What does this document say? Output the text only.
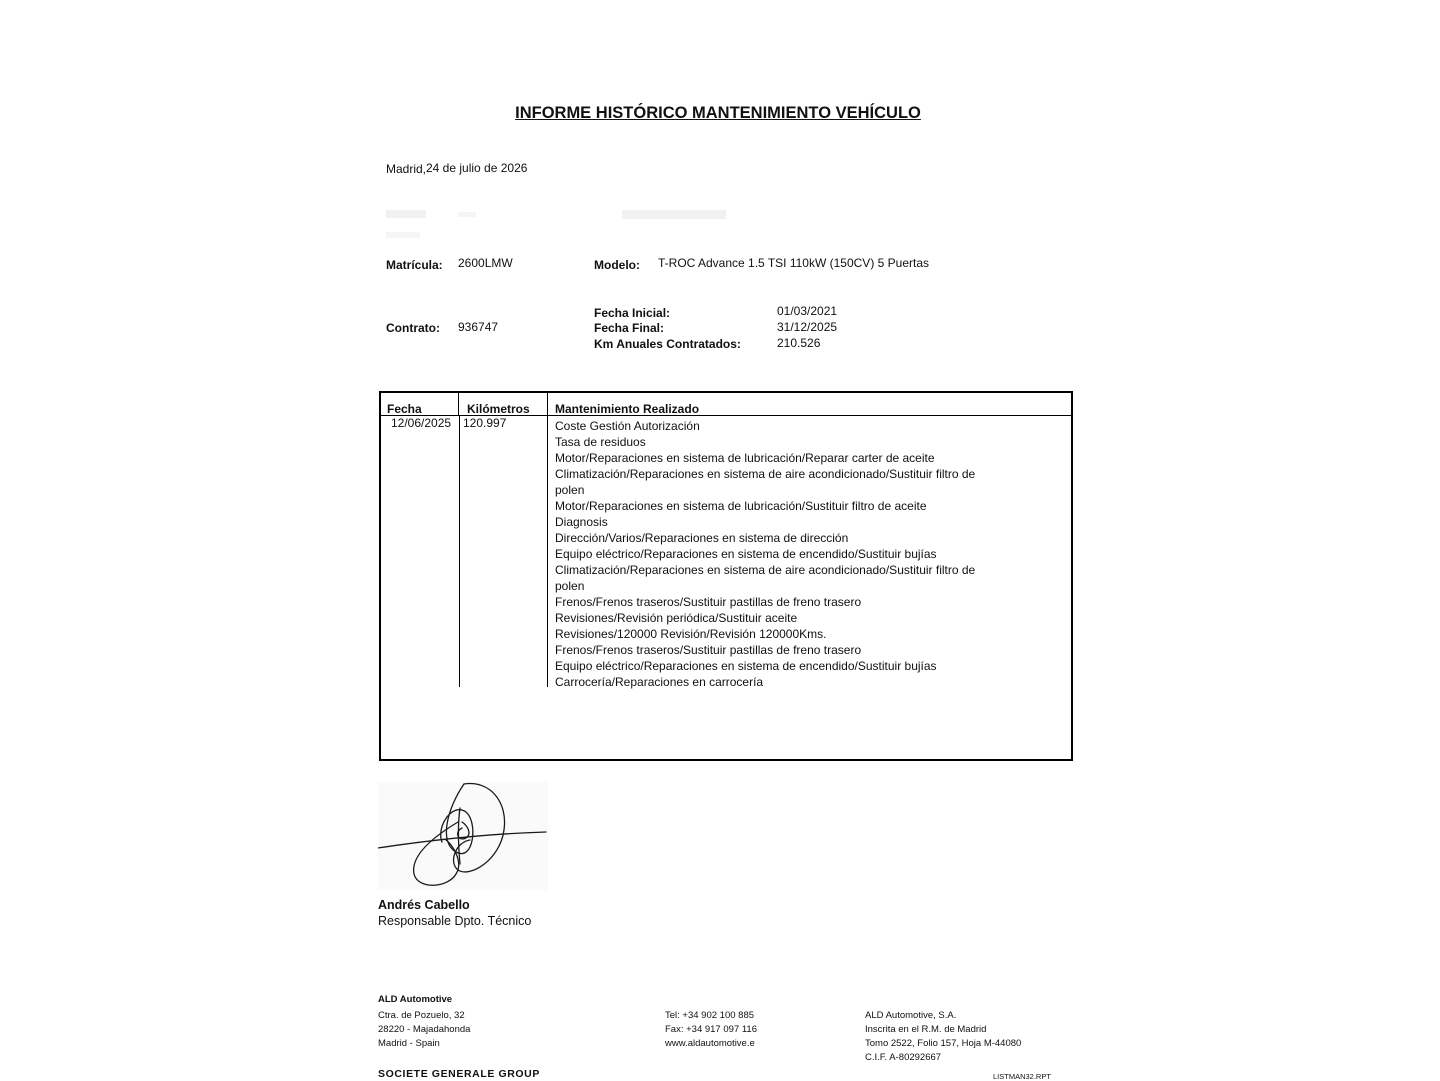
INFORME HISTÓRICO MANTENIMIENTO VEHÍCULO
Madrid, 24 de julio de 2026
Matrícula: 2600LMW	Modelo: T-ROC Advance 1.5 TSI 110kW (150CV) 5 Puertas
Contrato: 936747
Fecha Inicial:	01/03/2021
Fecha Final:	31/12/2025
Km Anuales Contratados:	210.526
Fecha	Kilómetros Mantenimiento Realizado
12/06/2025 120.997	Coste Gestión Autorización
Tasa de residuos
Motor/Reparaciones en sistema de lubricación/Reparar carter de aceite
Climatización/Reparaciones en sistema de aire acondicionado/Sustituir filtro de
polen
Motor/Reparaciones en sistema de lubricación/Sustituir filtro de aceite
Diagnosis
Dirección/Varios/Reparaciones en sistema de dirección
Equipo eléctrico/Reparaciones en sistema de encendido/Sustituir bujías
Climatización/Reparaciones en sistema de aire acondicionado/Sustituir filtro de
polen
Frenos/Frenos traseros/Sustituir pastillas de freno trasero
Revisiones/Revisión periódica/Sustituir aceite
Revisiones/120000 Revisión/Revisión 120000Kms.
Frenos/Frenos traseros/Sustituir pastillas de freno trasero
Equipo eléctrico/Reparaciones en sistema de encendido/Sustituir bujías
Carrocería/Reparaciones en carrocería
Andrés Cabello
Responsable Dpto. Técnico
ALD Automotive
Ctra. de Pozuelo, 32
28220 - Majadahonda
Madrid - Spain
Tel: +34 902 100 885
Fax: +34 917 097 116
www.aldautomotive.e
ALD Automotive, S.A.
Inscrita en el R.M. de Madrid
Tomo 2522, Folio 157, Hoja M-44080
C.I.F. A-80292667
SOCIETE GENERALE GROUP	LISTMAN32.RPT
